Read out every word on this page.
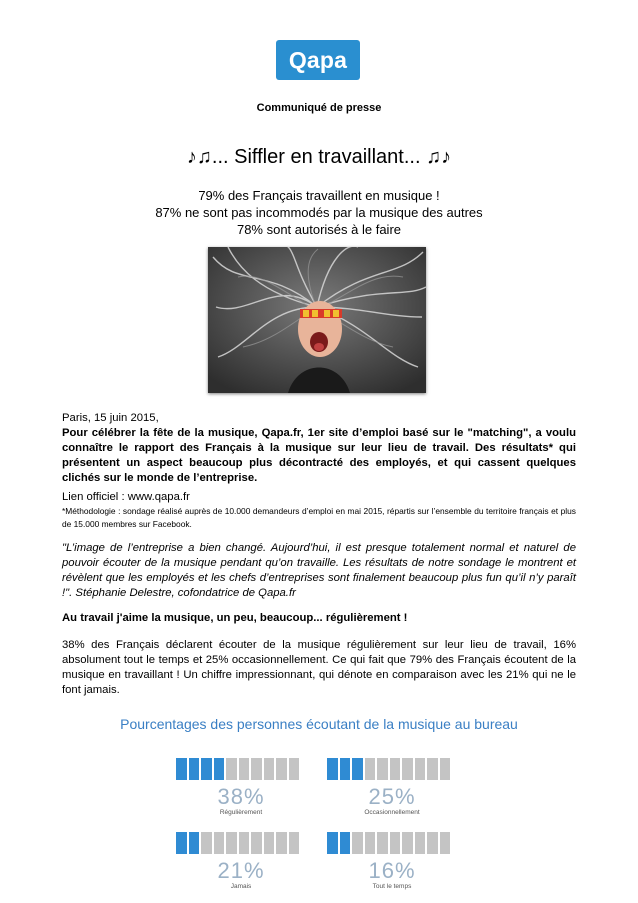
Qapa
Communiqué de presse
♪♫... Siffler en travaillant... ♫♪
79% des Français travaillent en musique !
87% ne sont pas incommodés par la musique des autres
78% sont autorisés à le faire
Paris, 15 juin 2015,
Pour célébrer la fête de la musique, Qapa.fr, 1er site d’emploi basé sur le "matching", a voulu connaître le rapport des Français à la musique sur leur lieu de travail. Des résultats* qui présentent un aspect beaucoup plus décontracté des employés, et qui cassent quelques clichés sur le monde de l’entreprise.
Lien officiel : www.qapa.fr
*Méthodologie : sondage réalisé auprès de 10.000 demandeurs d’emploi en mai 2015, répartis sur l’ensemble du territoire français et plus de 15.000 membres sur Facebook.
"L’image de l’entreprise a bien changé. Aujourd’hui, il est presque totalement normal et naturel de pouvoir écouter de la musique pendant qu’on travaille. Les résultats de notre sondage le montrent et révèlent que les employés et les chefs d’entreprises sont finalement beaucoup plus fun qu’il n’y paraît !". Stéphanie Delestre, cofondatrice de Qapa.fr
Au travail j'aime la musique, un peu, beaucoup... régulièrement !
38% des Français déclarent écouter de la musique régulièrement sur leur lieu de travail, 16% absolument tout le temps et 25% occasionnellement. Ce qui fait que 79% des Français écoutent de la musique en travaillant ! Un chiffre impressionnant, qui dénote en comparaison avec les 21% qui ne le font jamais.
Pourcentages des personnes écoutant de la musique au bureau
38%
Régulièrement
25%
Occasionnellement
21%
Jamais
16%
Tout le temps
